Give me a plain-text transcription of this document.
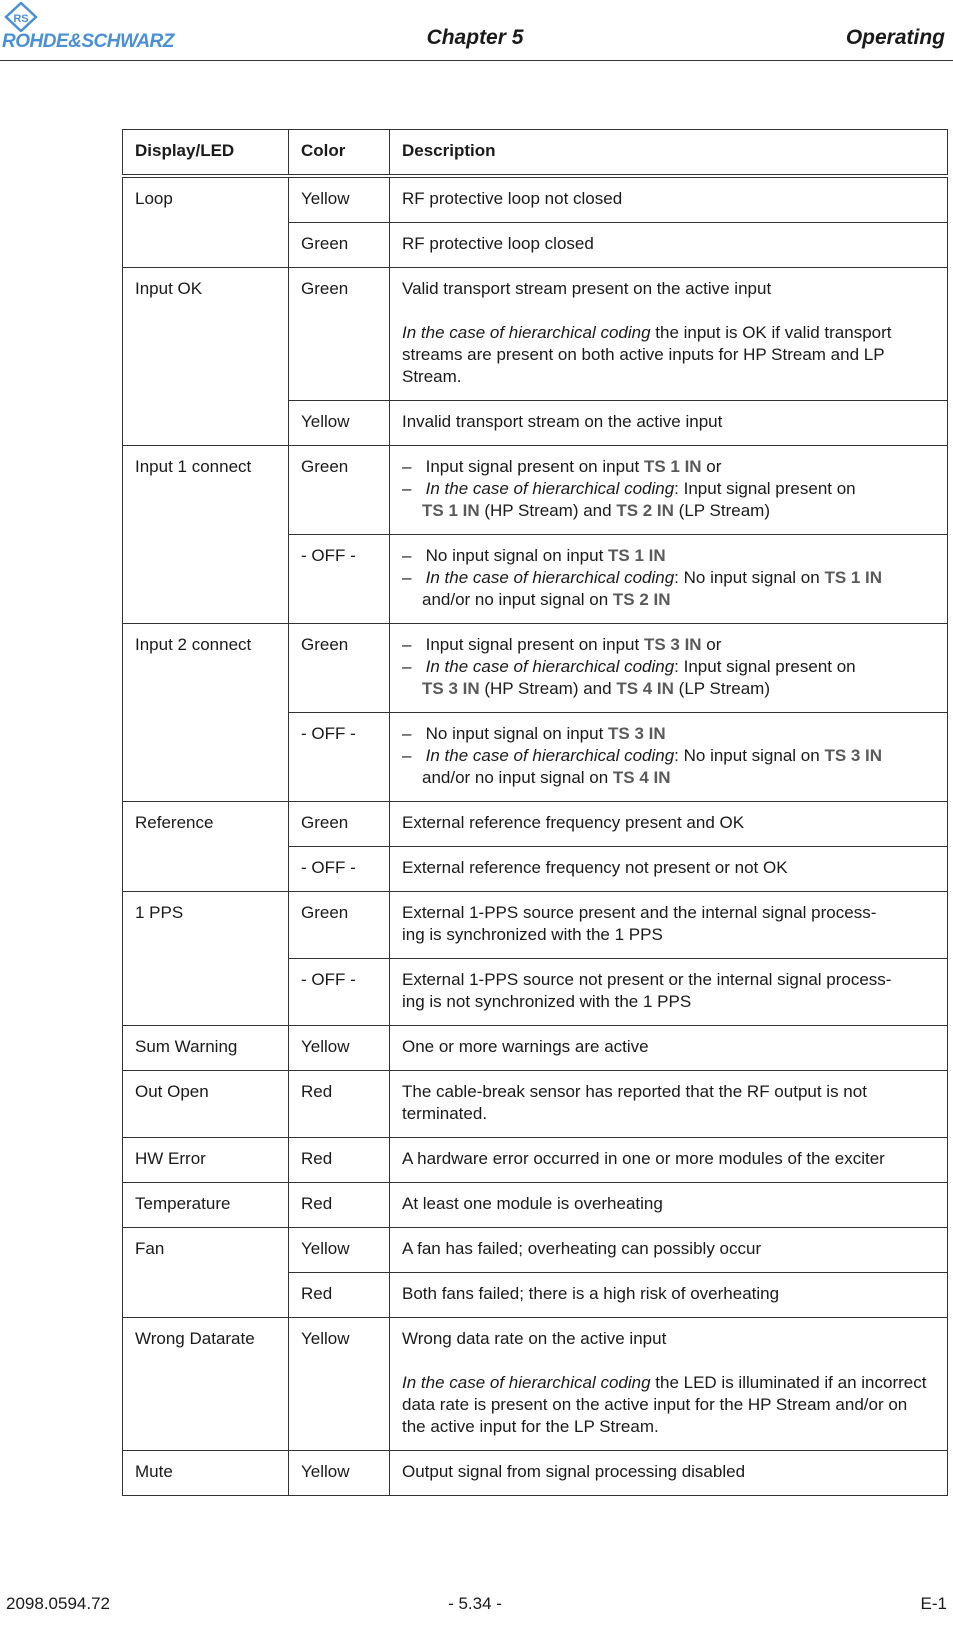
RS
ROHDE&SCHWARZ	Chapter 5	Operating
Display/LED	Color	Description
Loop	Yellow	RF protective loop not closed
	Green	RF protective loop closed
Input OK	Green	Valid transport stream present on the active input
In the case of hierarchical coding the input is OK if valid transport streams are present on both active inputs for HP Stream and LP Stream.

	Yellow	Invalid transport stream on the active input
Input 1 connect	Green	–   Input signal present on input TS 1 IN or
–   In the case of hierarchical coding: Input signal present on
TS 1 IN (HP Stream) and TS 2 IN (LP Stream)

	- OFF -	–   No input signal on input TS 1 IN
–   In the case of hierarchical coding: No input signal on TS 1 IN
and/or no input signal on TS 2 IN

Input 2 connect	Green	–   Input signal present on input TS 3 IN or
–   In the case of hierarchical coding: Input signal present on
TS 3 IN (HP Stream) and TS 4 IN (LP Stream)

	- OFF -	–   No input signal on input TS 3 IN
–   In the case of hierarchical coding: No input signal on TS 3 IN
and/or no input signal on TS 4 IN

Reference	Green	External reference frequency present and OK
	- OFF -	External reference frequency not present or not OK
1 PPS	Green	External 1-PPS source present and the internal signal process-
ing is synchronized with the 1 PPS

	- OFF -	External 1-PPS source not present or the internal signal process-
ing is not synchronized with the 1 PPS

Sum Warning	Yellow	One or more warnings are active
Out Open	Red	The cable-break sensor has reported that the RF output is not
terminated.

HW Error	Red	A hardware error occurred in one or more modules of the exciter
Temperature	Red	At least one module is overheating
Fan	Yellow	A fan has failed; overheating can possibly occur
	Red	Both fans failed; there is a high risk of overheating
Wrong Datarate	Yellow	Wrong data rate on the active input
In the case of hierarchical coding the LED is illuminated if an incorrect data rate is present on the active input for the HP Stream and/or on the active input for the LP Stream.

Mute	Yellow	Output signal from signal processing disabled
2098.0594.72	- 5.34 -	E-1
